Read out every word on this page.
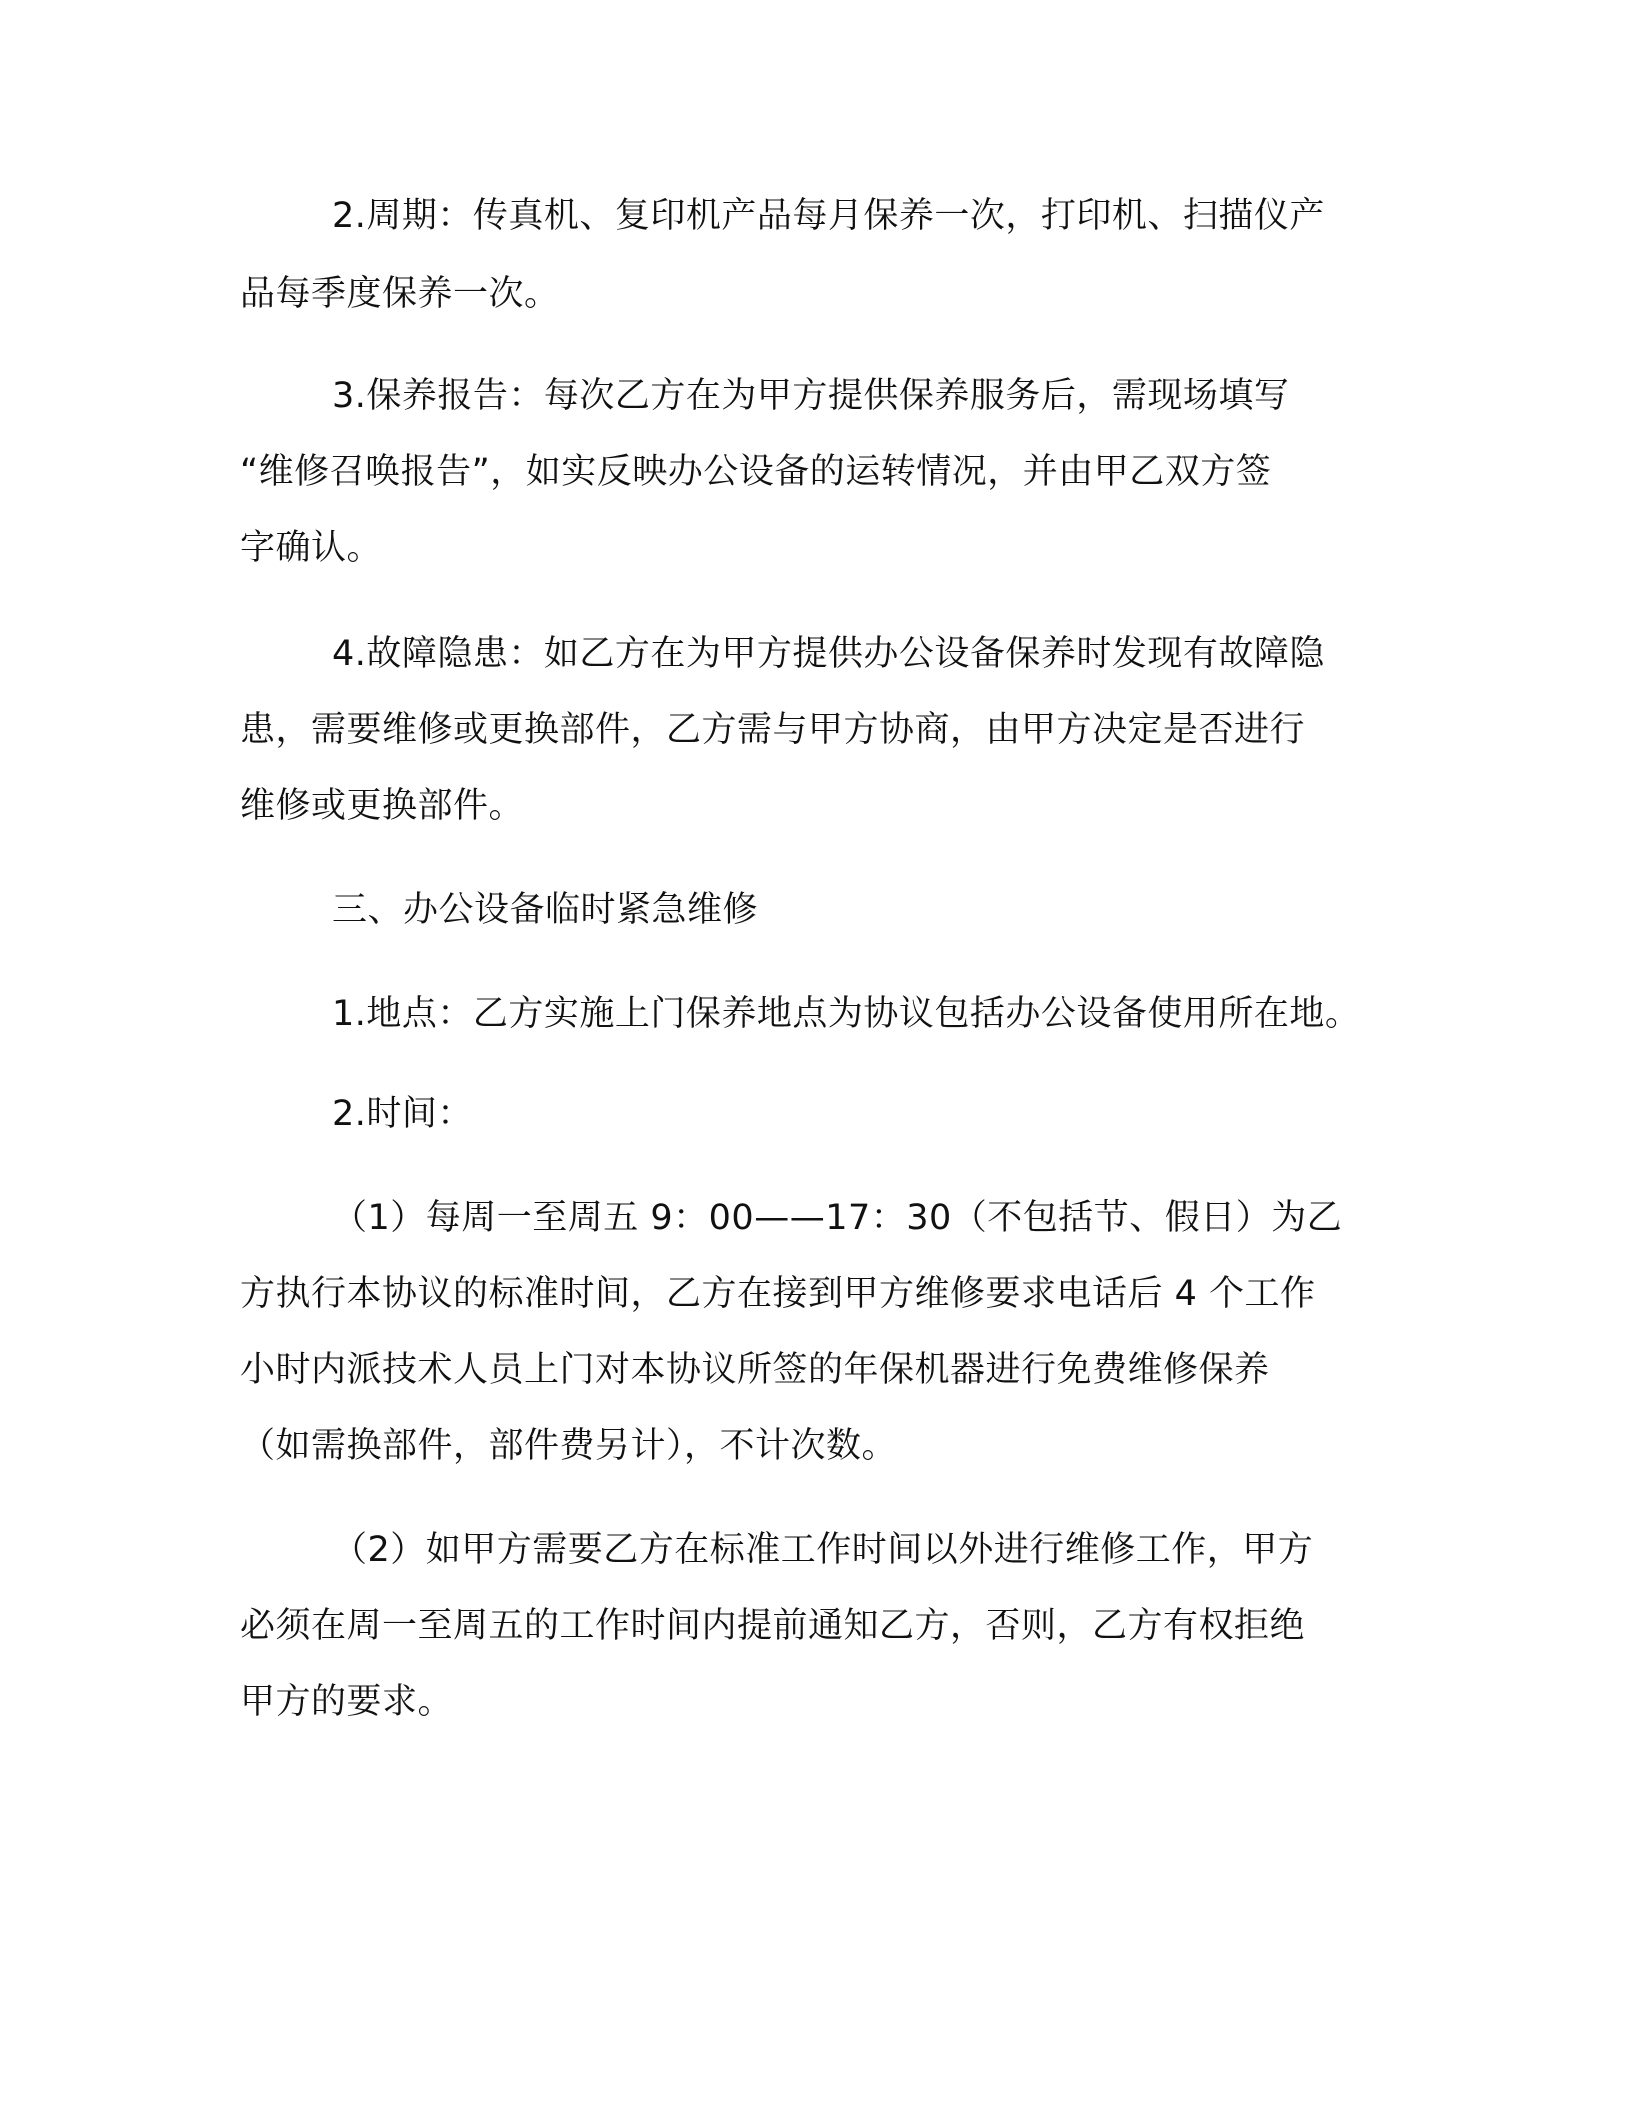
2.周期：传真机、复印机产品每月保养一次，打印机、扫描仪产

品每季度保养一次。

3.保养报告：每次乙方在为甲方提供保养服务后，需现场填写

“维修召唤报告”，如实反映办公设备的运转情况，并由甲乙双方签

字确认。

4.故障隐患：如乙方在为甲方提供办公设备保养时发现有故障隐

患，需要维修或更换部件，乙方需与甲方协商，由甲方决定是否进行

维修或更换部件。

三、办公设备临时紧急维修

1.地点：乙方实施上门保养地点为协议包括办公设备使用所在地。

2.时间：

（1）每周一至周五 9：00——17：30（不包括节、假日）为乙

方执行本协议的标准时间，乙方在接到甲方维修要求电话后 4 个工作

小时内派技术人员上门对本协议所签的年保机器进行免费维修保养

（如需换部件，部件费另计），不计次数。

（2）如甲方需要乙方在标准工作时间以外进行维修工作，甲方

必须在周一至周五的工作时间内提前通知乙方，否则，乙方有权拒绝

甲方的要求。
